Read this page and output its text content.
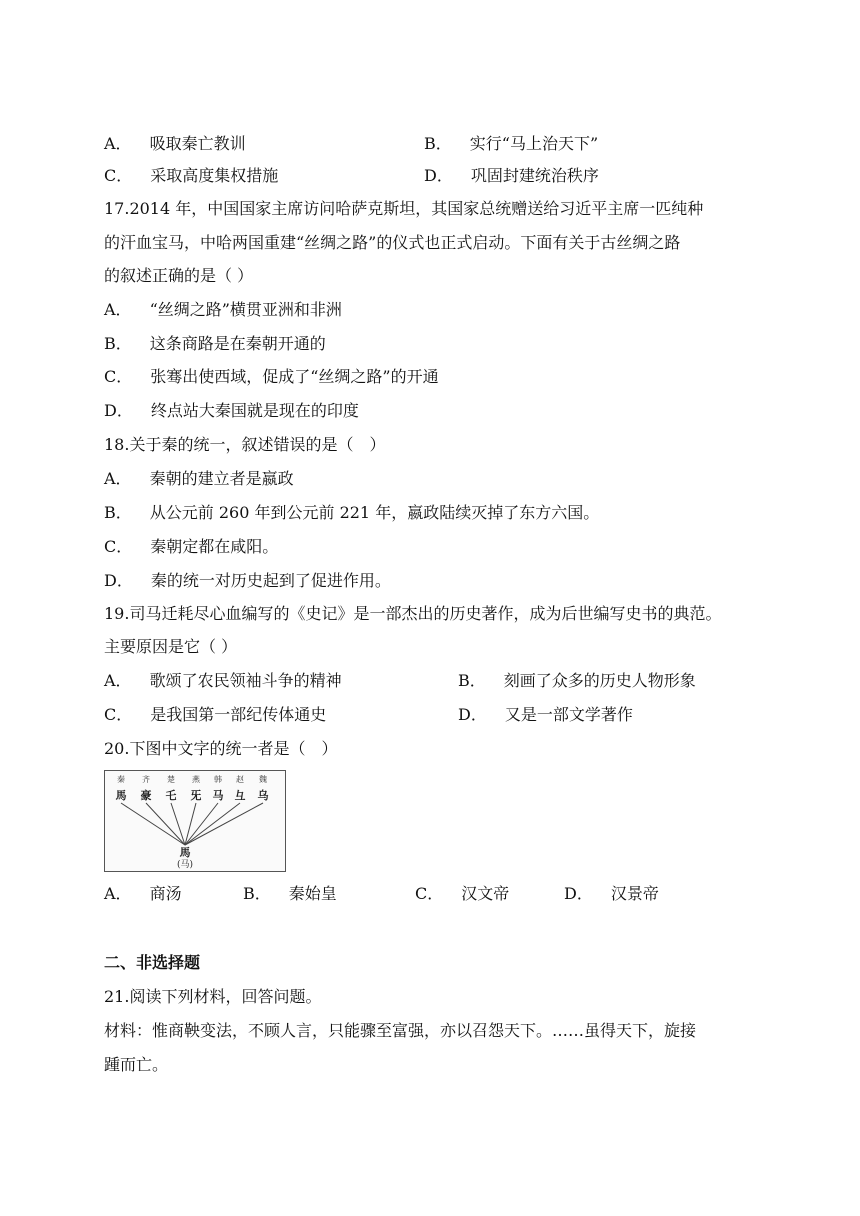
A． 吸取秦亡教训	B． 实行“马上治天下”
C． 采取高度集权措施	D． 巩固封建统治秩序
17.2014 年，中国国家主席访问哈萨克斯坦，其国家总统赠送给习近平主席一匹纯种
的汗血宝马，中哈两国重建“丝绸之路”的仪式也正式启动。下面有关于古丝绸之路
的叙述正确的是（ ）
A． “丝绸之路”横贯亚洲和非洲
B． 这条商路是在秦朝开通的
C． 张骞出使西域，促成了“丝绸之路”的开通
D． 终点站大秦国就是现在的印度
18.关于秦的统一，叙述错误的是（　）
A． 秦朝的建立者是嬴政
B． 从公元前 260 年到公元前 221 年，嬴政陆续灭掉了东方六国。
C． 秦朝定都在咸阳。
D． 秦的统一对历史起到了促进作用。
19.司马迁耗尽心血编写的《史记》是一部杰出的历史著作，成为后世编写史书的典范。
主要原因是它（ ）
A． 歌颂了农民领袖斗争的精神	B． 刻画了众多的历史人物形象
C． 是我国第一部纪传体通史	D． 又是一部文学著作
20.下图中文字的统一者是（　）
秦 齐 楚 燕 韩 赵 魏
馬 豪 乇 旡 马 彑 乌
馬
(马)
A． 商汤	B． 秦始皇	C． 汉文帝	D． 汉景帝
二、非选择题
21.阅读下列材料，回答问题。
材料：惟商鞅变法，不顾人言，只能骤至富强，亦以召怨天下。……虽得天下，旋接
踵而亡。
